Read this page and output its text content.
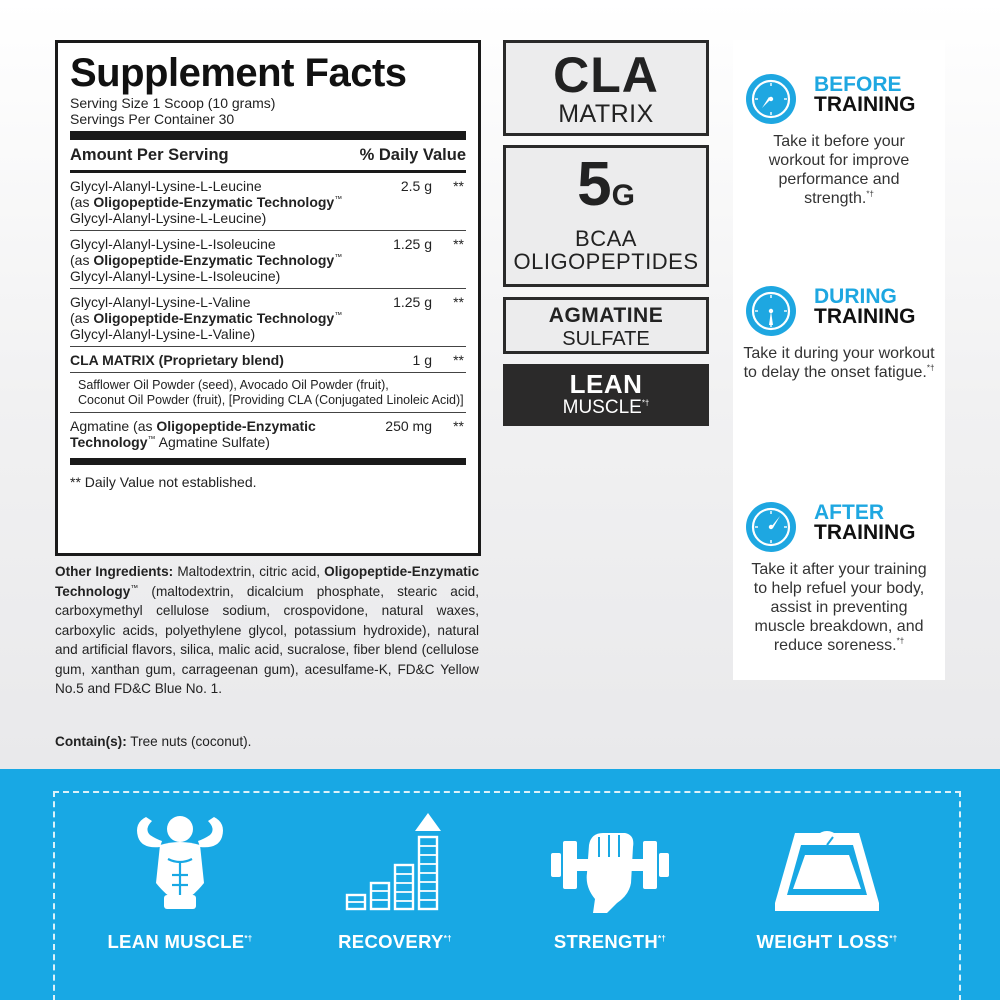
Supplement Facts
Serving Size 1 Scoop (10 grams)
Servings Per Container 30
Amount Per Serving	% Daily Value
Glycyl-Alanyl-Lysine-L-Leucine
(as Oligopeptide-Enzymatic Technology™
Glycyl-Alanyl-Lysine-L-Leucine)
2.5 g **
Glycyl-Alanyl-Lysine-L-Isoleucine
(as Oligopeptide-Enzymatic Technology™
Glycyl-Alanyl-Lysine-L-Isoleucine)
1.25 g **
Glycyl-Alanyl-Lysine-L-Valine
(as Oligopeptide-Enzymatic Technology™
Glycyl-Alanyl-Lysine-L-Valine)
1.25 g **
CLA MATRIX (Proprietary blend)	1 g **
Safflower Oil Powder (seed), Avocado Oil Powder (fruit),
Coconut Oil Powder (fruit), [Providing CLA (Conjugated Linoleic Acid)]
Agmatine (as Oligopeptide-Enzymatic
Technology™ Agmatine Sulfate)
250 mg **
** Daily Value not established.
Other Ingredients: Maltodextrin, citric acid, Oligopeptide-Enzymatic Technology™ (maltodextrin, dicalcium phosphate, stearic acid, carboxymethyl cellulose sodium, crospovidone, natural waxes, carboxylic acids, polyethylene glycol, potassium hydroxide), natural and artificial flavors, silica, malic acid, sucralose, fiber blend (cellulose gum, xanthan gum, carrageenan gum), acesulfame-K, FD&C Yellow No.5 and FD&C Blue No. 1.
Contain(s): Tree nuts (coconut).
CLA
MATRIX
5G
BCAA
OLIGOPEPTIDES
AGMATINE
SULFATE
LEAN
MUSCLE*†
BEFORE
TRAINING
Take it before your workout for improve performance and strength.*†
DURING
TRAINING
Take it during your workout to delay the onset fatigue.*†
AFTER
TRAINING
Take it after your training to help refuel your body, assist in preventing muscle breakdown, and reduce soreness.*†
LEAN MUSCLE*†	RECOVERY*†	STRENGTH*†	WEIGHT LOSS*†
